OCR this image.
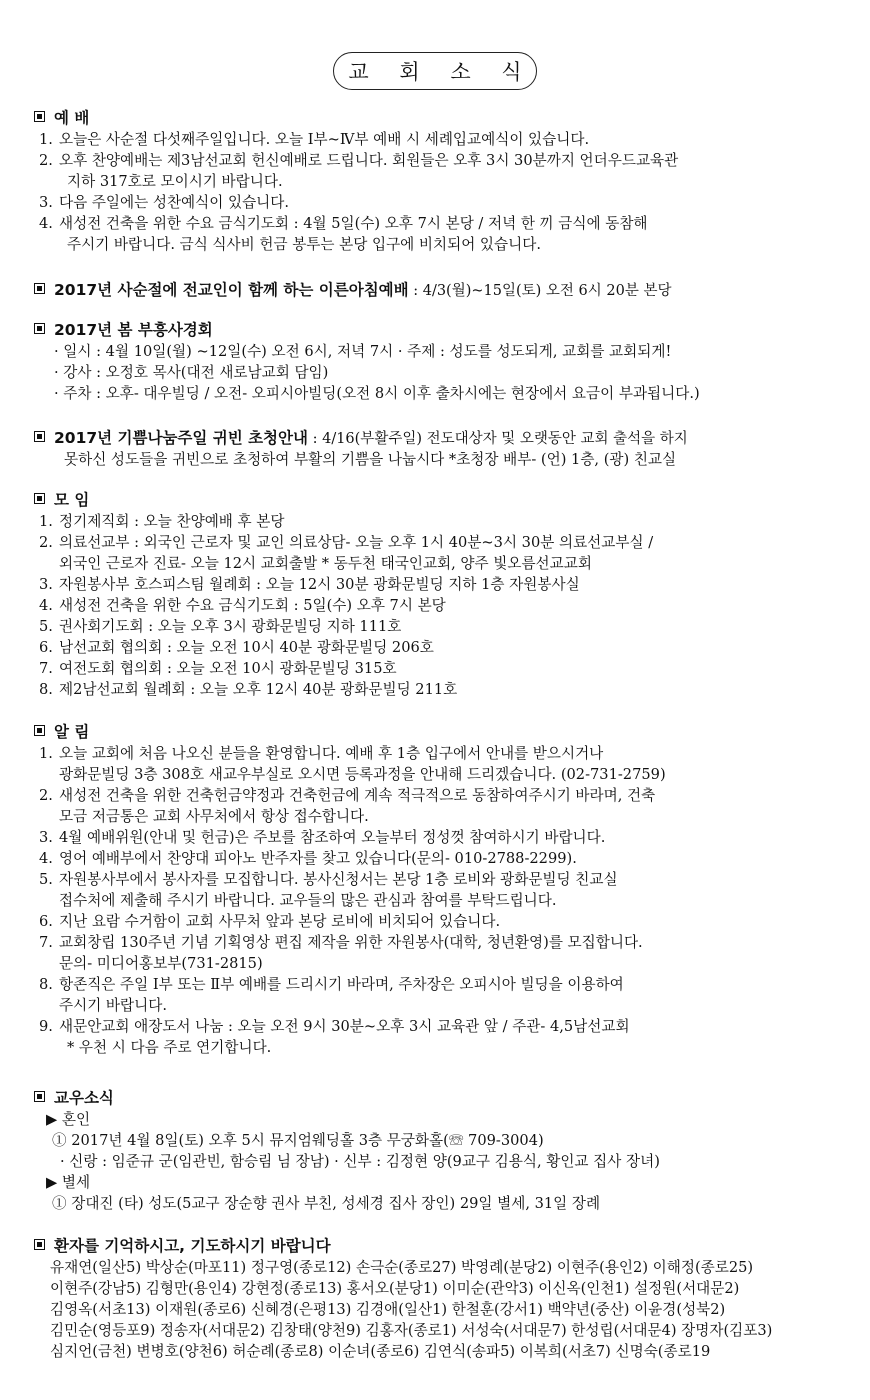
교 회 소 식
예 배
1. 오늘은 사순절 다섯째주일입니다. 오늘 Ⅰ부~Ⅳ부 예배 시 세례입교예식이 있습니다.
2. 오후 찬양예배는 제3남선교회 헌신예배로 드립니다. 회원들은 오후 3시 30분까지 언더우드교육관
지하 317호로 모이시기 바랍니다.
3. 다음 주일에는 성찬예식이 있습니다.
4. 새성전 건축을 위한 수요 금식기도회 : 4월 5일(수) 오후 7시 본당 / 저녁 한 끼 금식에 동참해
주시기 바랍니다. 금식 식사비 헌금 봉투는 본당 입구에 비치되어 있습니다.
2017년 사순절에 전교인이 함께 하는 이른아침예배 : 4/3(월)~15일(토) 오전 6시 20분 본당
2017년 봄 부흥사경회
· 일시 : 4월 10일(월) ~12일(수) 오전 6시, 저녁 7시 · 주제 : 성도를 성도되게, 교회를 교회되게!
· 강사 : 오정호 목사(대전 새로남교회 담임)
· 주차 : 오후- 대우빌딩 / 오전- 오피시아빌딩(오전 8시 이후 출차시에는 현장에서 요금이 부과됩니다.)
2017년 기쁨나눔주일 귀빈 초청안내 : 4/16(부활주일) 전도대상자 및 오랫동안 교회 출석을 하지
못하신 성도들을 귀빈으로 초청하여 부활의 기쁨을 나눕시다 *초청장 배부- (언) 1층, (광) 친교실
모 임
1. 정기제직회 : 오늘 찬양예배 후 본당
2. 의료선교부 : 외국인 근로자 및 교인 의료상담- 오늘 오후 1시 40분~3시 30분 의료선교부실 /
외국인 근로자 진료- 오늘 12시 교회출발 * 동두천 태국인교회, 양주 빛오름선교교회
3. 자원봉사부 호스피스팀 월례회 : 오늘 12시 30분 광화문빌딩 지하 1층 자원봉사실
4. 새성전 건축을 위한 수요 금식기도회 : 5일(수) 오후 7시 본당
5. 권사회기도회 : 오늘 오후 3시 광화문빌딩 지하 111호
6. 남선교회 협의회 : 오늘 오전 10시 40분 광화문빌딩 206호
7. 여전도회 협의회 : 오늘 오전 10시 광화문빌딩 315호
8. 제2남선교회 월례회 : 오늘 오후 12시 40분 광화문빌딩 211호
알 림
1. 오늘 교회에 처음 나오신 분들을 환영합니다. 예배 후 1층 입구에서 안내를 받으시거나
광화문빌딩 3층 308호 새교우부실로 오시면 등록과정을 안내해 드리겠습니다. (02-731-2759)
2. 새성전 건축을 위한 건축헌금약정과 건축헌금에 계속 적극적으로 동참하여주시기 바라며, 건축
모금 저금통은 교회 사무처에서 항상 접수합니다.
3. 4월 예배위원(안내 및 헌금)은 주보를 참조하여 오늘부터 정성껏 참여하시기 바랍니다.
4. 영어 예배부에서 찬양대 피아노 반주자를 찾고 있습니다(문의- 010-2788-2299).
5. 자원봉사부에서 봉사자를 모집합니다. 봉사신청서는 본당 1층 로비와 광화문빌딩 친교실
접수처에 제출해 주시기 바랍니다. 교우들의 많은 관심과 참여를 부탁드립니다.
6. 지난 요람 수거함이 교회 사무처 앞과 본당 로비에 비치되어 있습니다.
7. 교회창립 130주년 기념 기획영상 편집 제작을 위한 자원봉사(대학, 청년환영)를 모집합니다.
문의- 미디어홍보부(731-2815)
8. 항존직은 주일 Ⅰ부 또는 Ⅱ부 예배를 드리시기 바라며, 주차장은 오피시아 빌딩을 이용하여
주시기 바랍니다.
9. 새문안교회 애장도서 나눔 : 오늘 오전 9시 30분~오후 3시 교육관 앞 / 주관- 4,5남선교회
* 우천 시 다음 주로 연기합니다.
교우소식
▶ 혼인
① 2017년 4월 8일(토) 오후 5시 뮤지엄웨딩홀 3층 무궁화홀(☏ 709-3004)
· 신랑 : 임준규 군(임관빈, 함승림 님 장남) · 신부 : 김정현 양(9교구 김용식, 황인교 집사 장녀)
▶ 별세
① 장대진 (타) 성도(5교구 장순향 권사 부친, 성세경 집사 장인) 29일 별세, 31일 장례
환자를 기억하시고, 기도하시기 바랍니다
유재연(일산5) 박상순(마포11) 정구영(종로12) 손극순(종로27) 박영례(분당2) 이현주(용인2) 이해정(종로25)
이현주(강남5) 김형만(용인4) 강현정(종로13) 홍서오(분당1) 이미순(관악3) 이신옥(인천1) 설정원(서대문2)
김영옥(서초13) 이재원(종로6) 신혜경(은평13) 김경애(일산1) 한철훈(강서1) 백약년(중산) 이윤경(성북2)
김민순(영등포9) 정송자(서대문2) 김창태(양천9) 김홍자(종로1) 서성숙(서대문7) 한성립(서대문4) 장명자(김포3)
심지언(금천) 변병호(양천6) 허순례(종로8) 이순녀(종로6) 김연식(송파5) 이복희(서초7) 신명숙(종로19
